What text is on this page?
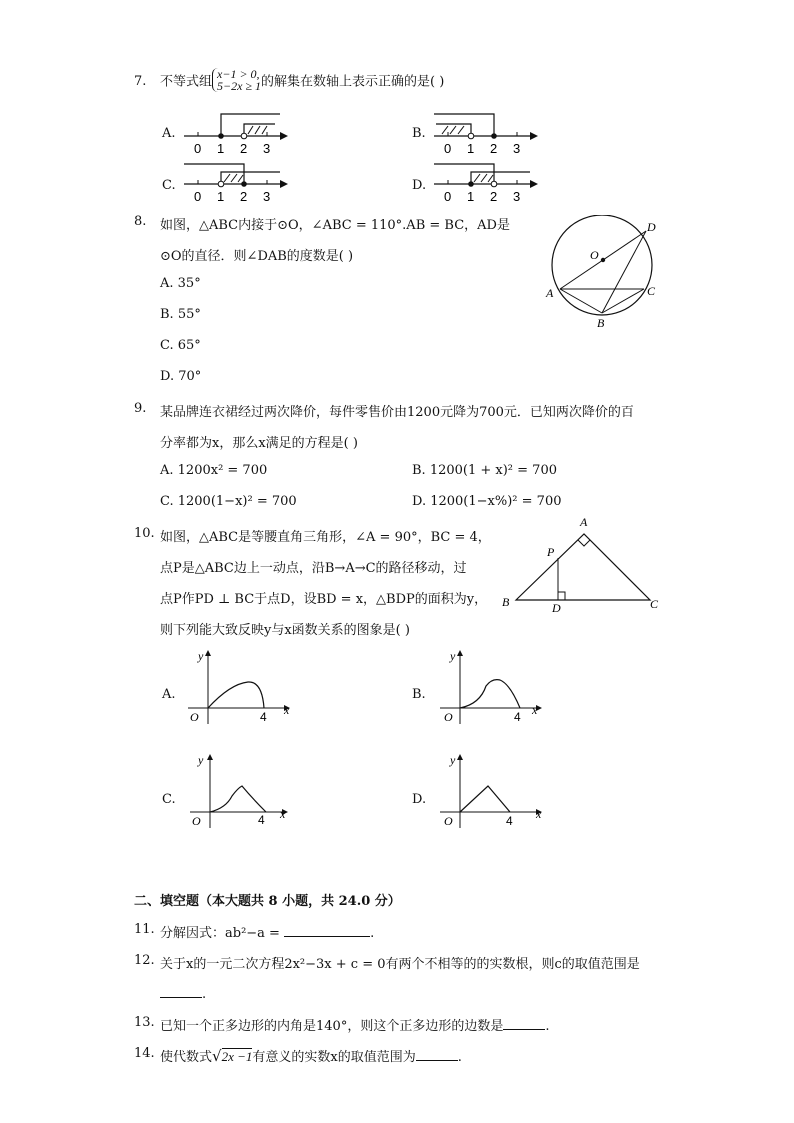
7. 不等式组x−1 > 0,
5−2x ≥ 1的解集在数轴上表示正确的是( )
A.
0 1 2 3
B.
0 1 2 3
C.
0 1 2 3
D.
0 1 2 3
8. 如图，△ABC内接于⊙O，∠ABC = 110°.AB = BC，AD是
⊙O的直径．则∠DAB的度数是( )
A. 35°
B. 55°
C. 65°
D. 70°
D
O
A	C
B
9. 某品牌连衣裙经过两次降价，每件零售价由1200元降为700元．已知两次降价的百
分率都为x，那么x满足的方程是( )
A. 1200x² = 700	B. 1200(1 + x)² = 700
C. 1200(1−x)² = 700	D. 1200(1−x%)² = 700
10. 如图，△ABC是等腰直角三角形，∠A = 90°，BC = 4，
点P是△ABC边上一动点，沿B→A→C的路径移动，过
点P作PD ⊥ BC于点D，设BD = x，△BDP的面积为y，
则下列能大致反映y与x函数关系的图象是( )
A
P
B	D	C
A.
y
O	4 x
B.
y
O	4 x
C.
y
O	4 x
D.
y
O	4 x
二、填空题（本大题共 8 小题，共 24.0 分）
11. 分解因式：ab²−a =	.
12. 关于x的一元二次方程2x²−3x + c = 0有两个不相等的的实数根，则c的取值范围是
.
13. 已知一个正多边形的内角是140°，则这个正多边形的边数是	.
14. 使代数式√2x −1有意义的实数x的取值范围为	.
